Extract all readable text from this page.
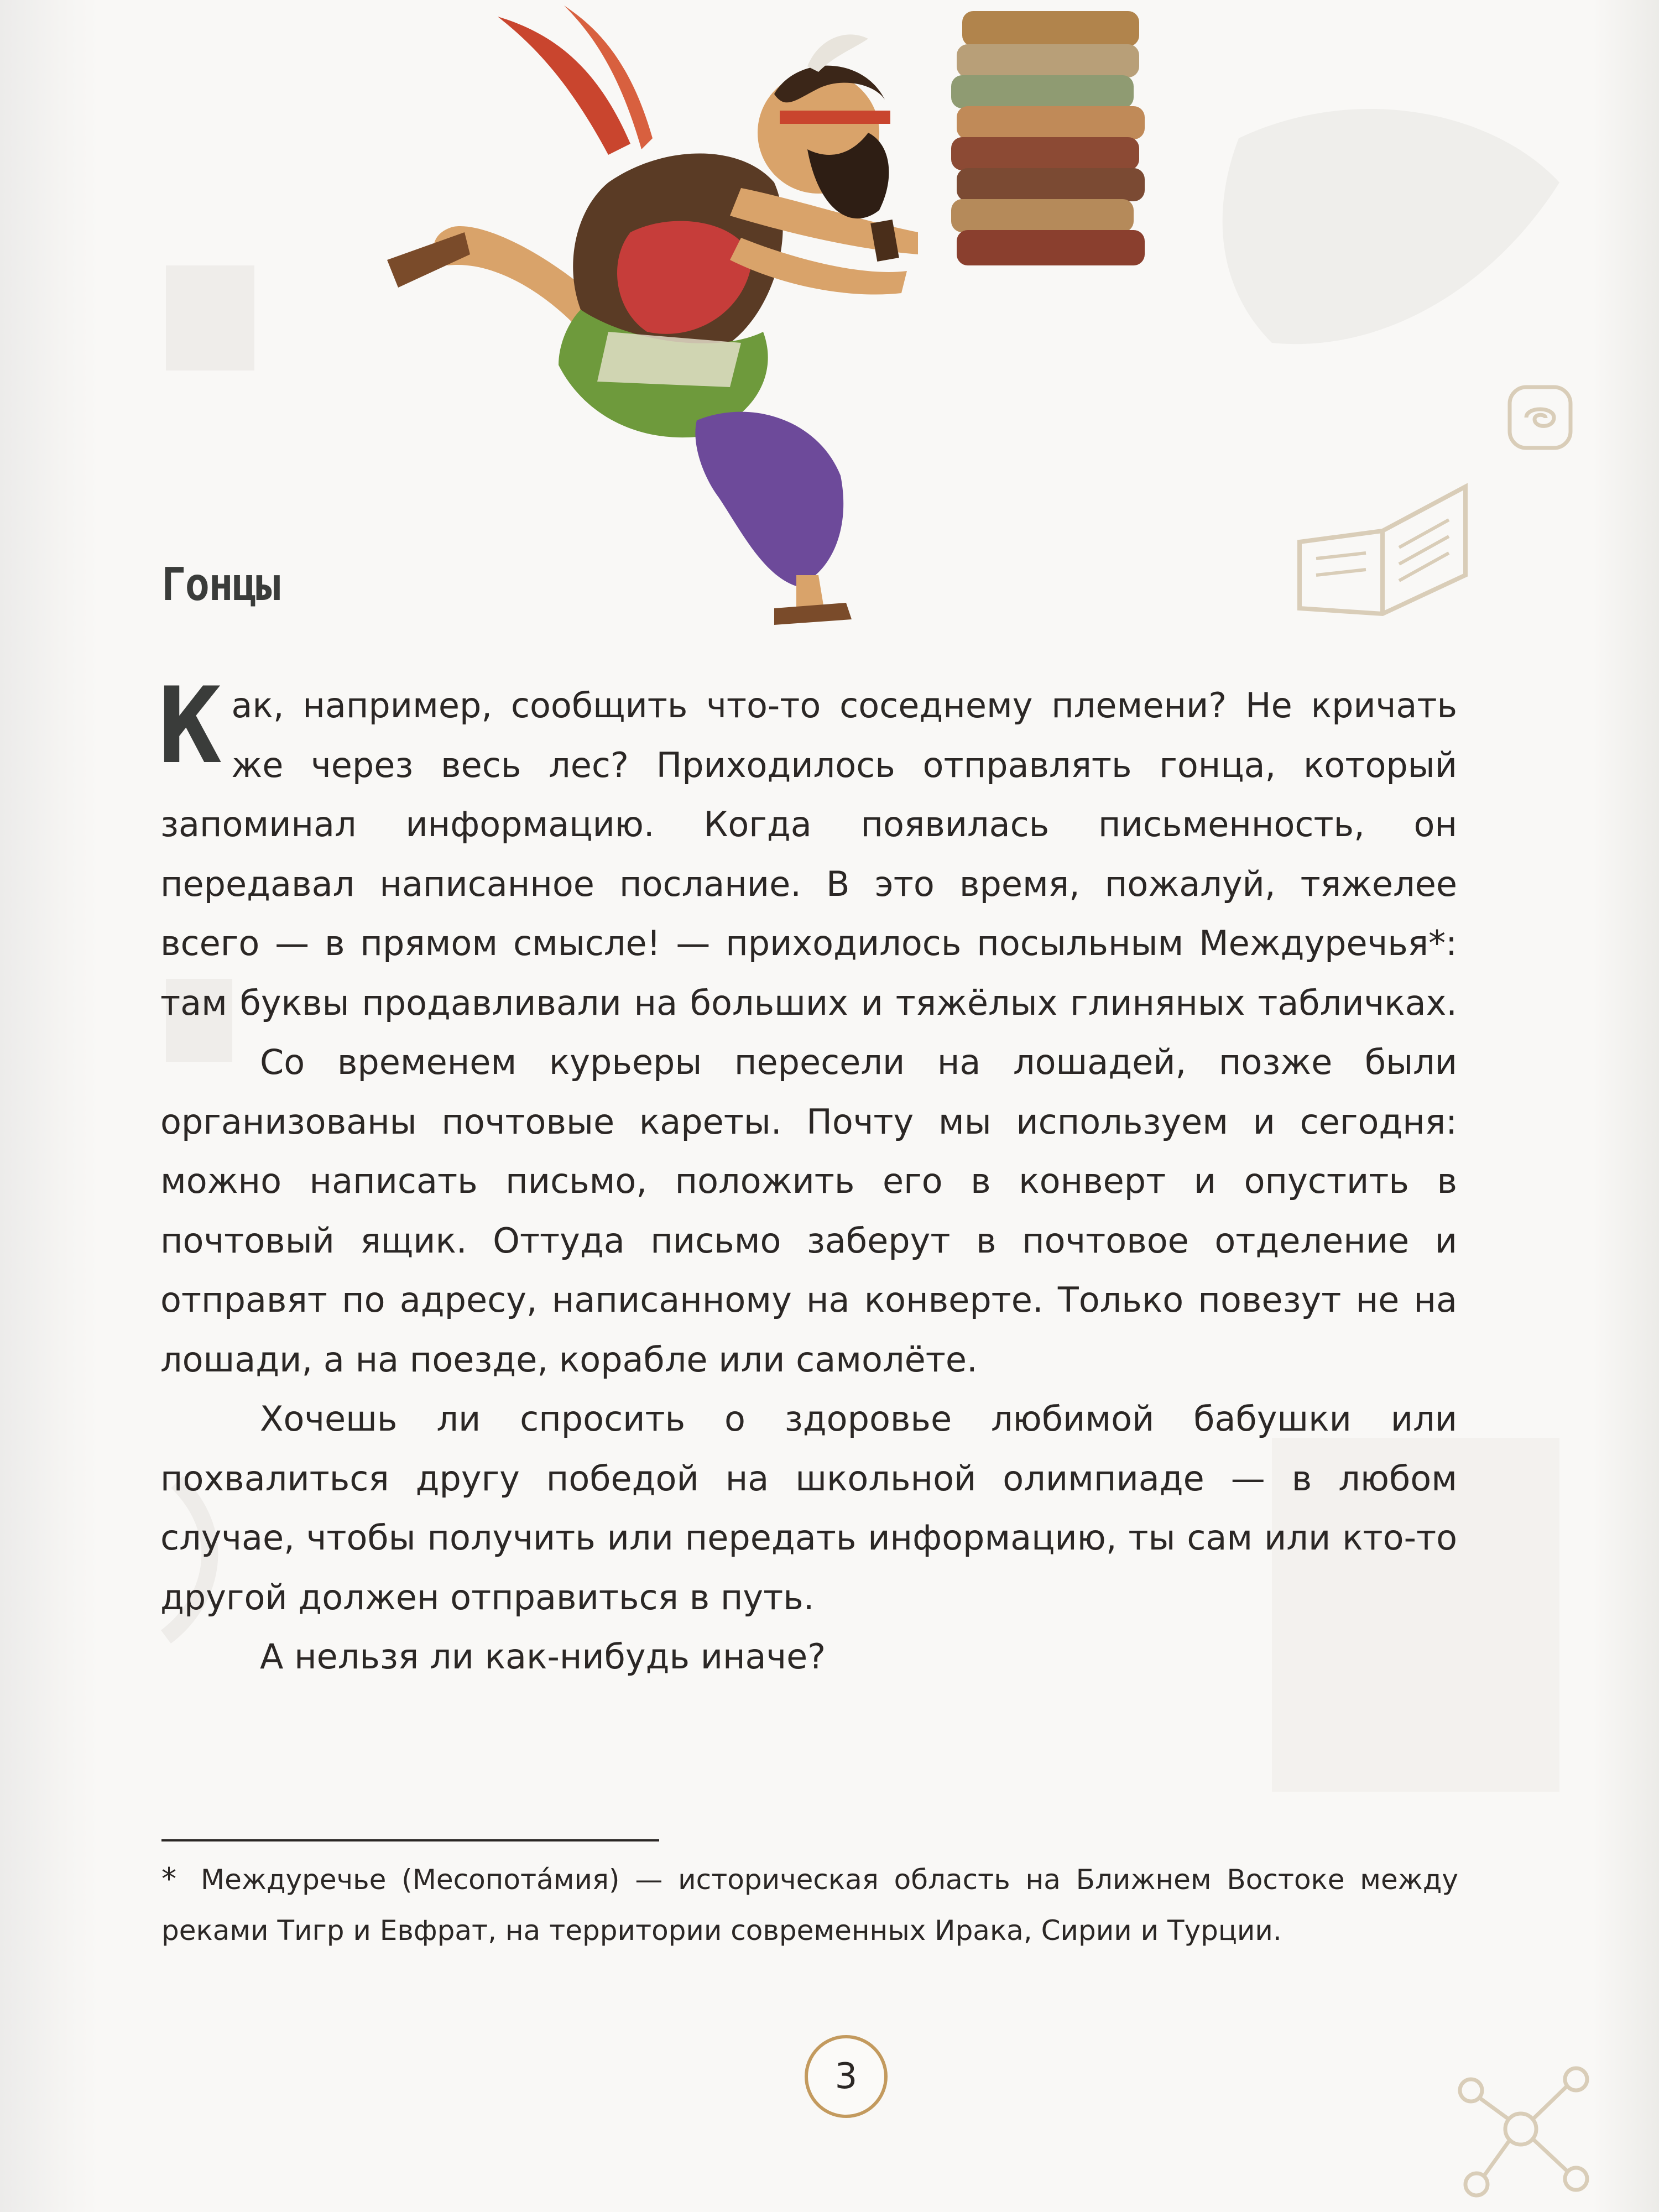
Гонцы

Как, например, сообщить что-то соседнему племени? Не кричать же через весь лес? Приходилось отправлять гонца, который запоминал информацию. Когда появилась письменность, он передавал написанное послание. В это время, пожалуй, тяжелее всего — в прямом смысле! — приходилось посыльным Междуречья*: там буквы продавливали на больших и тяжёлых глиняных табличках.

Со временем курьеры пересели на лошадей, позже были организованы почтовые кареты. Почту мы используем и сегодня: можно написать письмо, положить его в конверт и опустить в почтовый ящик. Оттуда письмо заберут в почтовое отделение и отправят по адресу, написанному на конверте. Только повезут не на лошади, а на поезде, корабле или самолёте.

Хочешь ли спросить о здоровье любимой бабушки или похвалиться другу победой на школьной олимпиаде — в любом случае, чтобы получить или передать информацию, ты сам или кто-то другой должен отправиться в путь.

А нельзя ли как-нибудь иначе?

* Междуречье (Месопотáмия) — историческая область на Ближнем Востоке между реками Тигр и Евфрат, на территории современных Ирака, Сирии и Турции.

3
